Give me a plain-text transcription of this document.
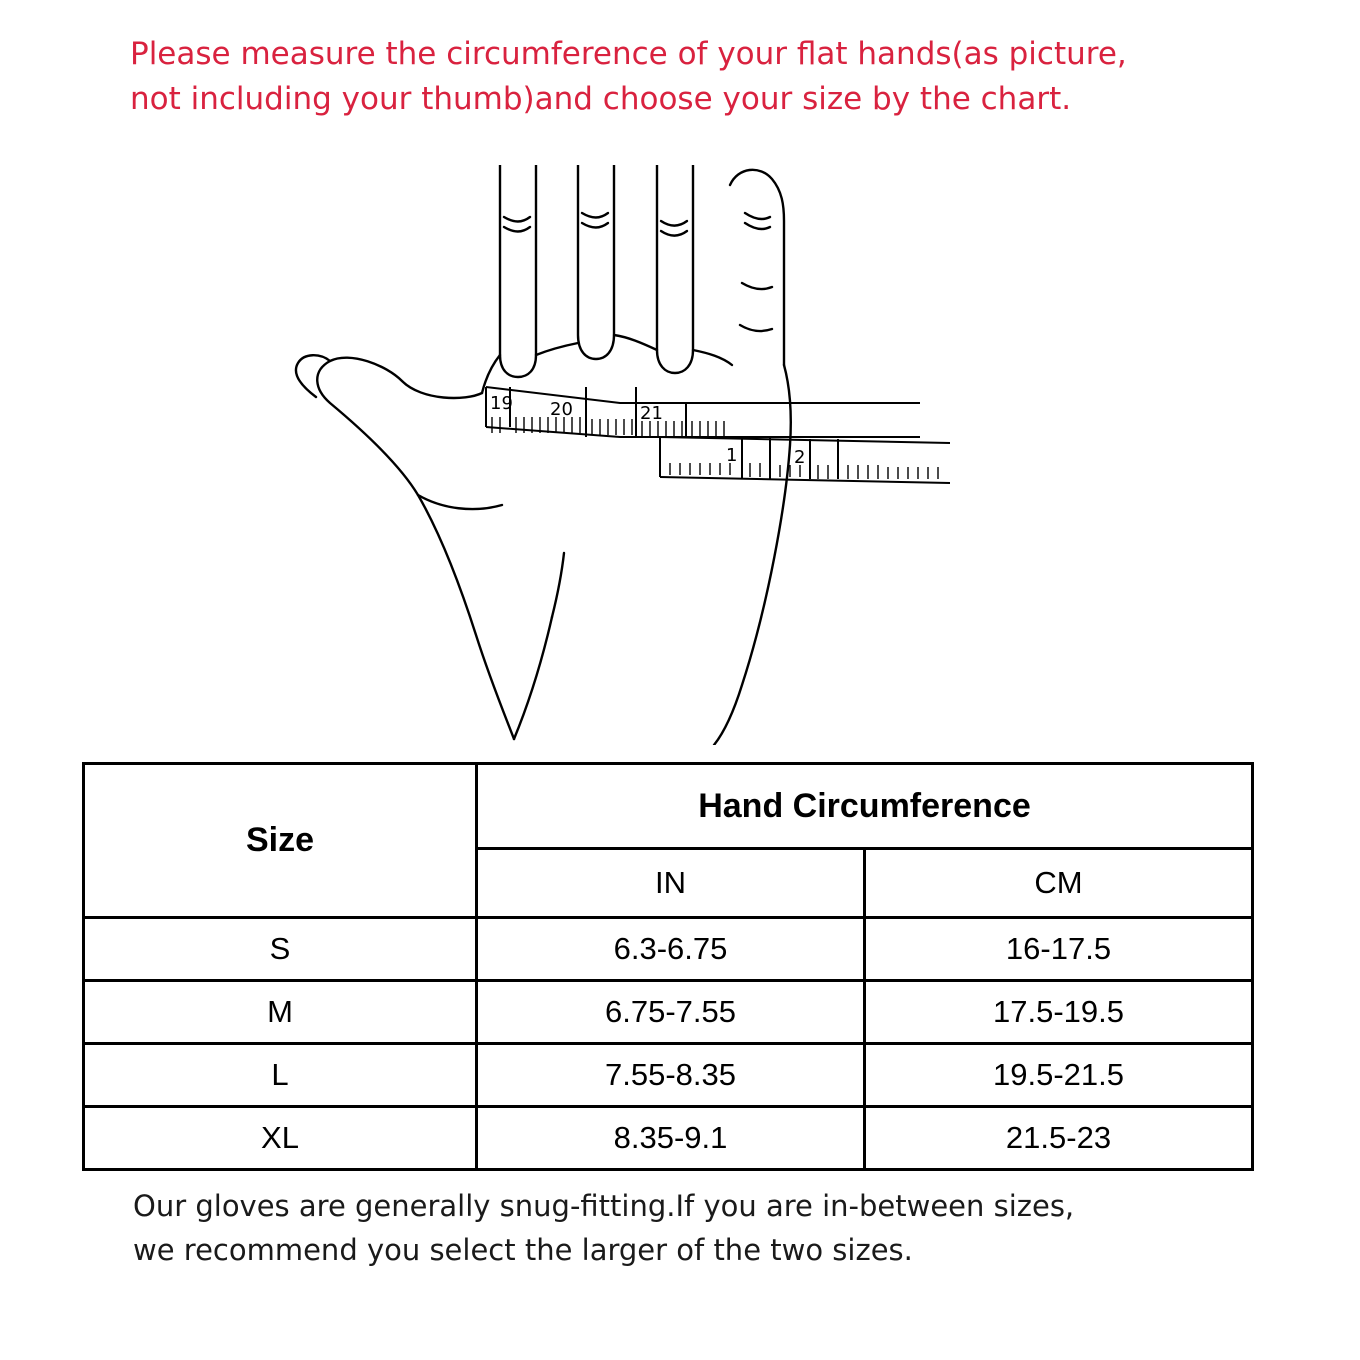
Please measure the circumference of your flat hands(as picture,
not including your thumb)and choose your size by the chart.
19 20	21
1	2
Size	Hand Circumference	
	IN	CM
S	6.3-6.75	16-17.5
M	6.75-7.55	17.5-19.5
L	7.55-8.35	19.5-21.5
XL	8.35-9.1	21.5-23
Our gloves are generally snug-fitting.If you are in-between sizes,
we recommend you select the larger of the two sizes.
